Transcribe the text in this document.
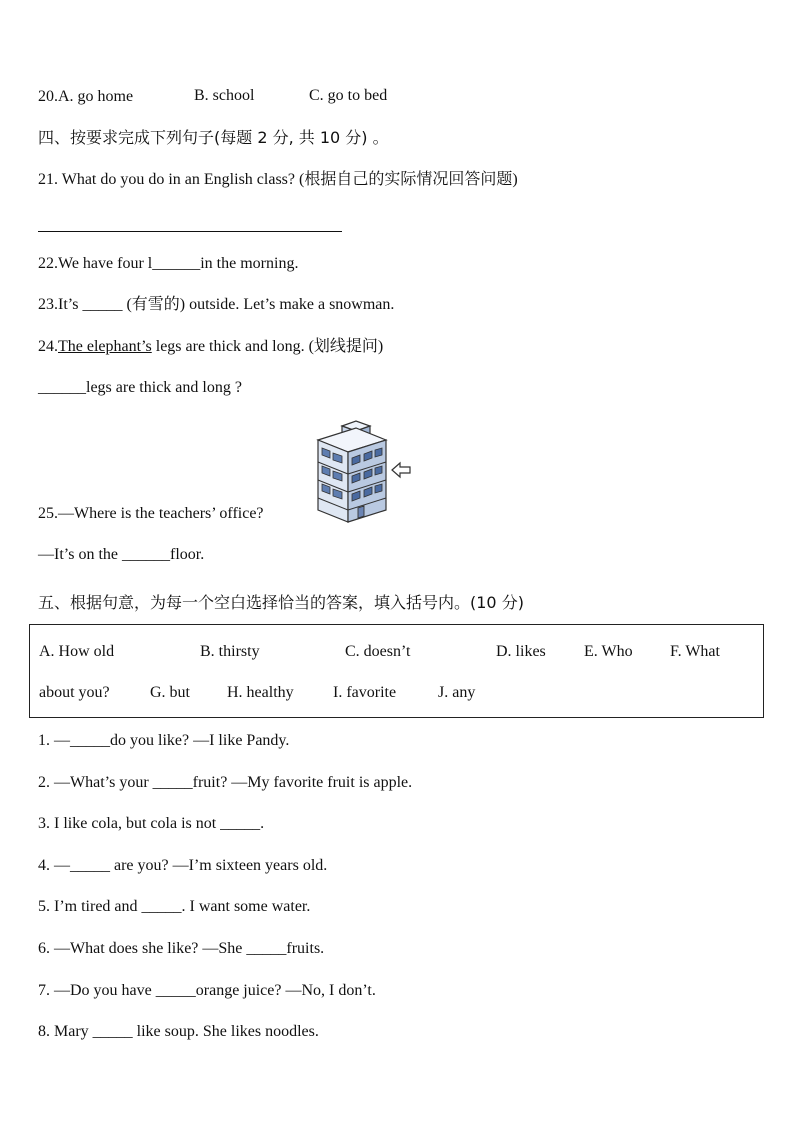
20.A. go home	B. school	C. go to bed
四、按要求完成下列句子(每题 2 分, 共 10 分) 。
21. What do you do in an English class? (根据自己的实际情况回答问题)
22.We have four l______in the morning.
23.It’s _____ (有雪的) outside. Let’s make a snowman.
24.The elephant’s legs are thick and long. (划线提问)
______legs are thick and long ?
25.—Where is the teachers’ office?
—It’s on the ______floor.
五、根据句意，为每一个空白选择恰当的答案，填入括号内。(10 分)
A. How old	B. thirsty	C. doesn’t	D. likes E. Who F. What
about you?	G. but H. healthy I. favorite	J. any
1. —_____do you like? —I like Pandy.
2. —What’s your _____fruit? —My favorite fruit is apple.
3. I like cola, but cola is not _____.
4. —_____ are you? —I’m sixteen years old.
5. I’m tired and _____. I want some water.
6. —What does she like? —She _____fruits.
7. —Do you have _____orange juice? —No, I don’t.
8. Mary _____ like soup. She likes noodles.
